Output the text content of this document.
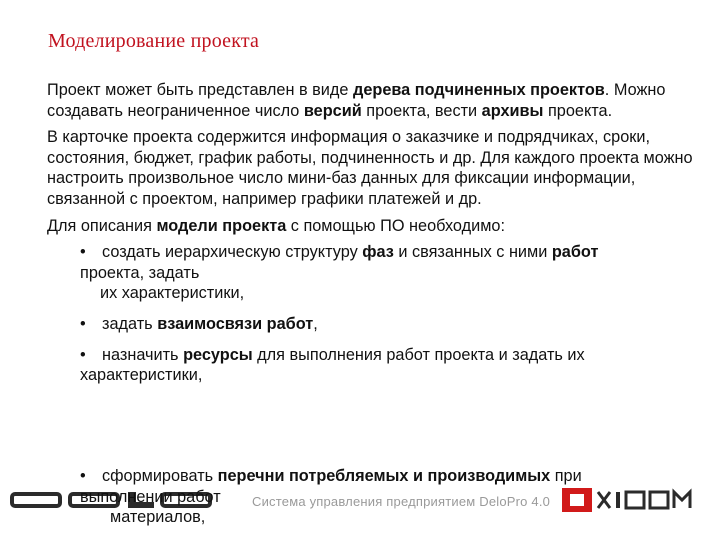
Моделирование проекта

Проект может быть представлен в виде дерева подчиненных проектов. Можно создавать неограниченное число версий проекта, вести архивы проекта.

В карточке проекта содержится информация о заказчике и подрядчиках, сроки, состояния, бюджет, график работы, подчиненность и др. Для каждого проекта можно настроить произвольное число мини-баз данных для фиксации информации, связанной с проектом, например графики платежей и др.

Для описания модели проекта с помощью ПО необходимо:

• создать иерархическую структуру фаз и связанных с ними работ
проекта, задать
их характеристики,
• задать взаимосвязи работ,
• назначить ресурсы для выполнения работ проекта и задать их
характеристики,
Система управления предприятием DeloPro 4.0
• сформировать перечни потребляемых и производимых при
выполнении работ
материалов,
